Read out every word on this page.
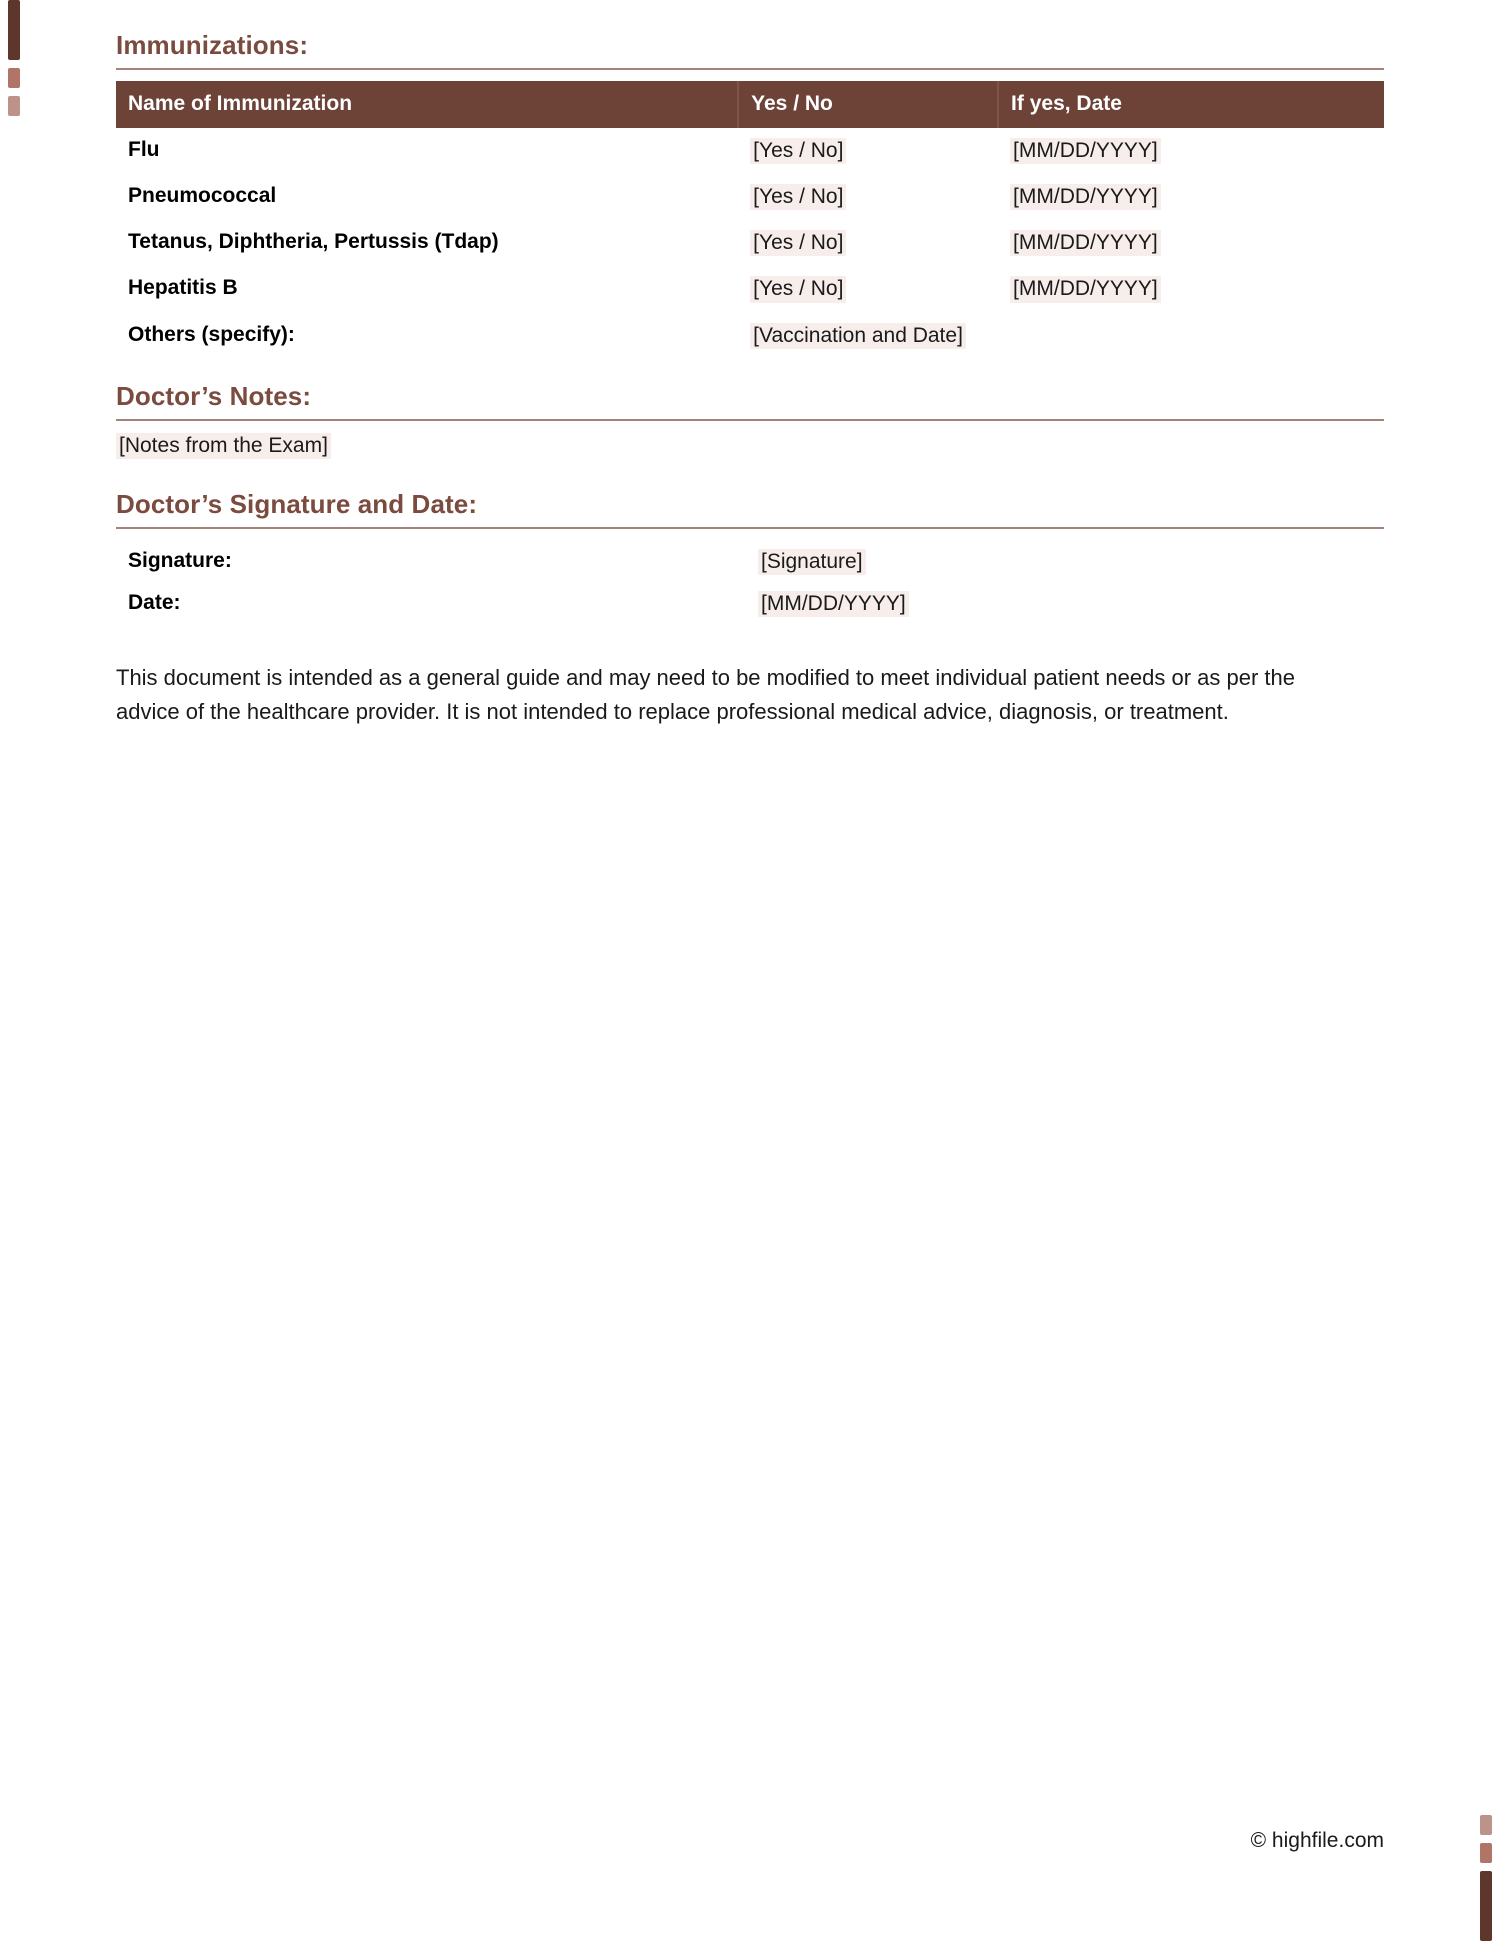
Immunizations:
Name of Immunization	Yes / No	If yes, Date
Flu	[Yes / No]	[MM/DD/YYYY]
Pneumococcal	[Yes / No]	[MM/DD/YYYY]
Tetanus, Diphtheria, Pertussis (Tdap)	[Yes / No]	[MM/DD/YYYY]
Hepatitis B	[Yes / No]	[MM/DD/YYYY]
Others (specify):	[Vaccination and Date]	
Doctor’s Notes:
[Notes from the Exam]
Doctor’s Signature and Date:
Signature:	[Signature]
Date:	[MM/DD/YYYY]
This document is intended as a general guide and may need to be modified to meet individual patient needs or as per the advice of the healthcare provider. It is not intended to replace professional medical advice, diagnosis, or treatment.
© highfile.com
